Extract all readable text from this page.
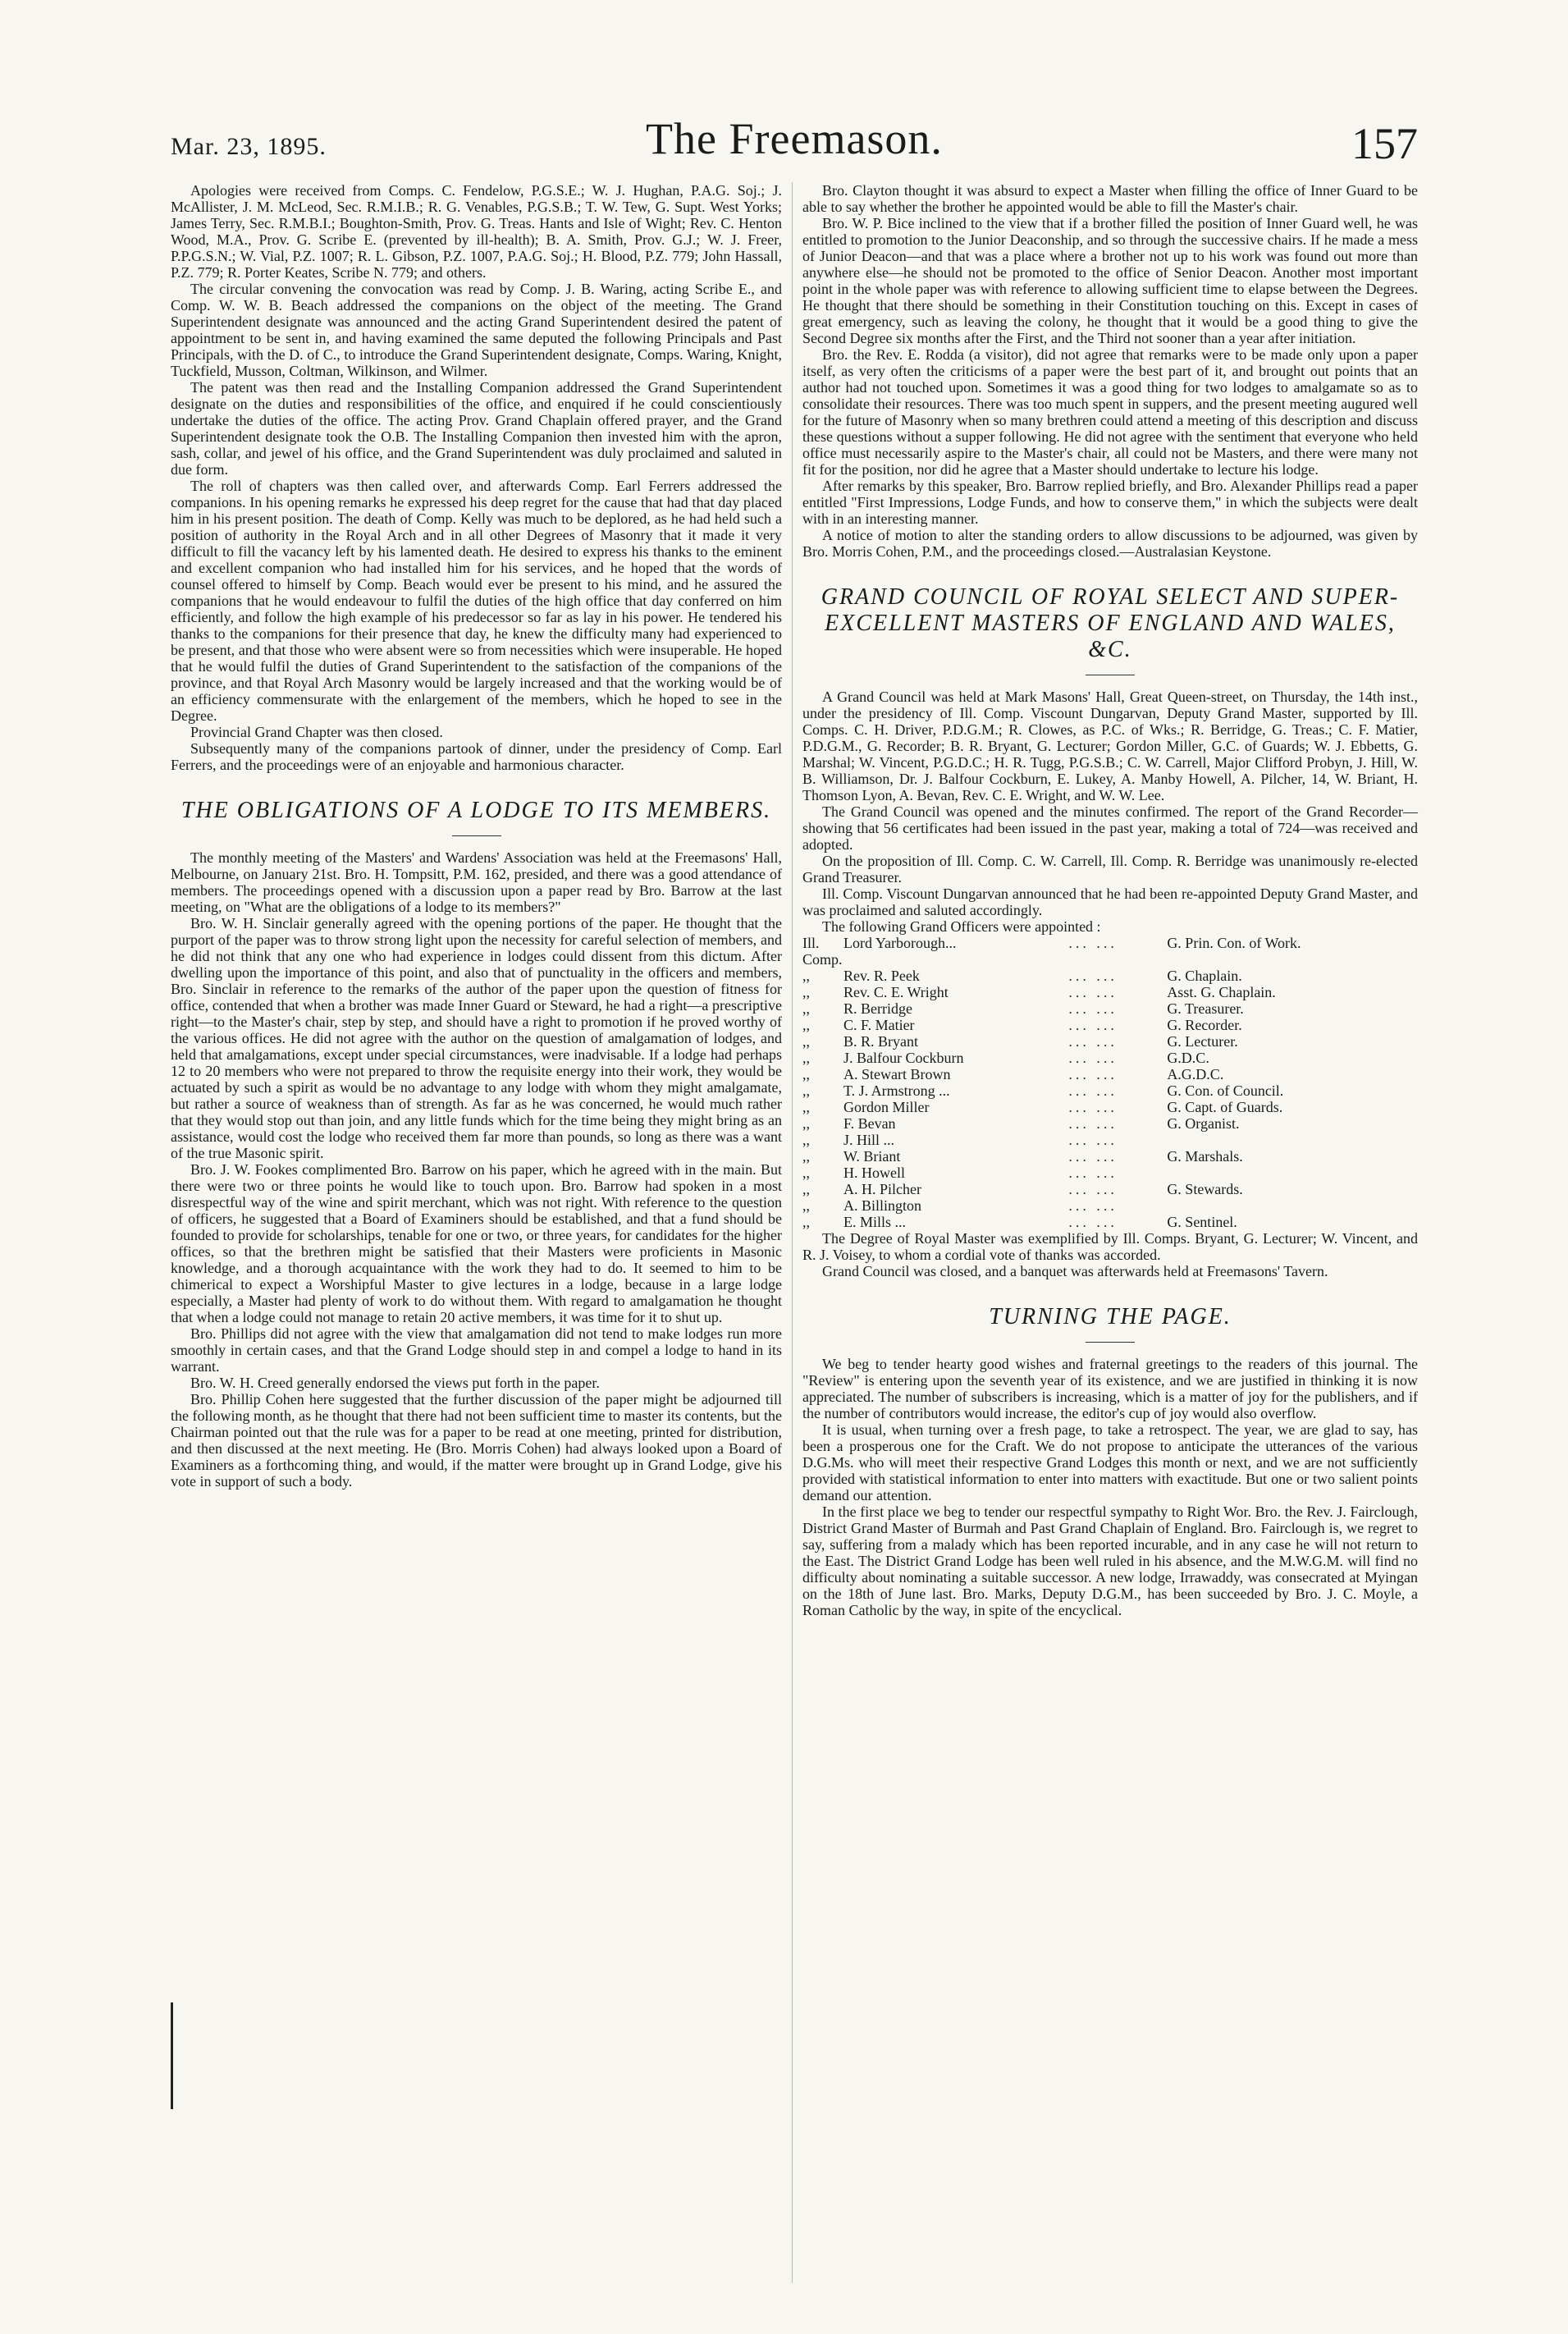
Mar. 23, 1895.	The Freemason.	157

Apologies were received from Comps. C. Fendelow, P.G.S.E.; W. J. Hughan, P.A.G. Soj.; J. McAllister, J. M. McLeod, Sec. R.M.I.B.; R. G. Venables, P.G.S.B.; T. W. Tew, G. Supt. West Yorks; James Terry, Sec. R.M.B.I.; Boughton-Smith, Prov. G. Treas. Hants and Isle of Wight; Rev. C. Henton Wood, M.A., Prov. G. Scribe E. (prevented by ill-health); B. A. Smith, Prov. G.J.; W. J. Freer, P.P.G.S.N.; W. Vial, P.Z. 1007; R. L. Gibson, P.Z. 1007, P.A.G. Soj.; H. Blood, P.Z. 779; John Hassall, P.Z. 779; R. Porter Keates, Scribe N. 779; and others.

The circular convening the convocation was read by Comp. J. B. Waring, acting Scribe E., and Comp. W. W. B. Beach addressed the companions on the object of the meeting. The Grand Superintendent designate was announced and the acting Grand Superintendent desired the patent of appointment to be sent in, and having examined the same deputed the following Principals and Past Principals, with the D. of C., to introduce the Grand Superintendent designate, Comps. Waring, Knight, Tuckfield, Musson, Coltman, Wilkinson, and Wilmer.

The patent was then read and the Installing Companion addressed the Grand Superintendent designate on the duties and responsibilities of the office, and enquired if he could conscientiously undertake the duties of the office. The acting Prov. Grand Chaplain offered prayer, and the Grand Superintendent designate took the O.B. The Installing Companion then invested him with the apron, sash, collar, and jewel of his office, and the Grand Superintendent was duly proclaimed and saluted in due form.

The roll of chapters was then called over, and afterwards Comp. Earl Ferrers addressed the companions. In his opening remarks he expressed his deep regret for the cause that had that day placed him in his present position. The death of Comp. Kelly was much to be deplored, as he had held such a position of authority in the Royal Arch and in all other Degrees of Masonry that it made it very difficult to fill the vacancy left by his lamented death. He desired to express his thanks to the eminent and excellent companion who had installed him for his services, and he hoped that the words of counsel offered to himself by Comp. Beach would ever be present to his mind, and he assured the companions that he would endeavour to fulfil the duties of the high office that day conferred on him efficiently, and follow the high example of his predecessor so far as lay in his power. He tendered his thanks to the companions for their presence that day, he knew the difficulty many had experienced to be present, and that those who were absent were so from necessities which were insuperable. He hoped that he would fulfil the duties of Grand Superintendent to the satisfaction of the companions of the province, and that Royal Arch Masonry would be largely increased and that the working would be of an efficiency commensurate with the enlargement of the members, which he hoped to see in the Degree.

Provincial Grand Chapter was then closed.

Subsequently many of the companions partook of dinner, under the presidency of Comp. Earl Ferrers, and the proceedings were of an enjoyable and harmonious character.

THE OBLIGATIONS OF A LODGE TO ITS MEMBERS.

The monthly meeting of the Masters' and Wardens' Association was held at the Freemasons' Hall, Melbourne, on January 21st. Bro. H. Tompsitt, P.M. 162, presided, and there was a good attendance of members. The proceedings opened with a discussion upon a paper read by Bro. Barrow at the last meeting, on "What are the obligations of a lodge to its members?"

Bro. W. H. Sinclair generally agreed with the opening portions of the paper. He thought that the purport of the paper was to throw strong light upon the necessity for careful selection of members, and he did not think that any one who had experience in lodges could dissent from this dictum. After dwelling upon the importance of this point, and also that of punctuality in the officers and members, Bro. Sinclair in reference to the remarks of the author of the paper upon the question of fitness for office, contended that when a brother was made Inner Guard or Steward, he had a right—a prescriptive right—to the Master's chair, step by step, and should have a right to promotion if he proved worthy of the various offices. He did not agree with the author on the question of amalgamation of lodges, and held that amalgamations, except under special circumstances, were inadvisable. If a lodge had perhaps 12 to 20 members who were not prepared to throw the requisite energy into their work, they would be actuated by such a spirit as would be no advantage to any lodge with whom they might amalgamate, but rather a source of weakness than of strength. As far as he was concerned, he would much rather that they would stop out than join, and any little funds which for the time being they might bring as an assistance, would cost the lodge who received them far more than pounds, so long as there was a want of the true Masonic spirit.

Bro. J. W. Fookes complimented Bro. Barrow on his paper, which he agreed with in the main. But there were two or three points he would like to touch upon. Bro. Barrow had spoken in a most disrespectful way of the wine and spirit merchant, which was not right. With reference to the question of officers, he suggested that a Board of Examiners should be established, and that a fund should be founded to provide for scholarships, tenable for one or two, or three years, for candidates for the higher offices, so that the brethren might be satisfied that their Masters were proficients in Masonic knowledge, and a thorough acquaintance with the work they had to do. It seemed to him to be chimerical to expect a Worshipful Master to give lectures in a lodge, because in a large lodge especially, a Master had plenty of work to do without them. With regard to amalgamation he thought that when a lodge could not manage to retain 20 active members, it was time for it to shut up.

Bro. Phillips did not agree with the view that amalgamation did not tend to make lodges run more smoothly in certain cases, and that the Grand Lodge should step in and compel a lodge to hand in its warrant.

Bro. W. H. Creed generally endorsed the views put forth in the paper.

Bro. Phillip Cohen here suggested that the further discussion of the paper might be adjourned till the following month, as he thought that there had not been sufficient time to master its contents, but the Chairman pointed out that the rule was for a paper to be read at one meeting, printed for distribution, and then discussed at the next meeting. He (Bro. Morris Cohen) had always looked upon a Board of Examiners as a forthcoming thing, and would, if the matter were brought up in Grand Lodge, give his vote in support of such a body.

Bro. Clayton thought it was absurd to expect a Master when filling the office of Inner Guard to be able to say whether the brother he appointed would be able to fill the Master's chair.

Bro. W. P. Bice inclined to the view that if a brother filled the position of Inner Guard well, he was entitled to promotion to the Junior Deaconship, and so through the successive chairs. If he made a mess of Junior Deacon—and that was a place where a brother not up to his work was found out more than anywhere else—he should not be promoted to the office of Senior Deacon. Another most important point in the whole paper was with reference to allowing sufficient time to elapse between the Degrees. He thought that there should be something in their Constitution touching on this. Except in cases of great emergency, such as leaving the colony, he thought that it would be a good thing to give the Second Degree six months after the First, and the Third not sooner than a year after initiation.

Bro. the Rev. E. Rodda (a visitor), did not agree that remarks were to be made only upon a paper itself, as very often the criticisms of a paper were the best part of it, and brought out points that an author had not touched upon. Sometimes it was a good thing for two lodges to amalgamate so as to consolidate their resources. There was too much spent in suppers, and the present meeting augured well for the future of Masonry when so many brethren could attend a meeting of this description and discuss these questions without a supper following. He did not agree with the sentiment that everyone who held office must necessarily aspire to the Master's chair, all could not be Masters, and there were many not fit for the position, nor did he agree that a Master should undertake to lecture his lodge.

After remarks by this speaker, Bro. Barrow replied briefly, and Bro. Alexander Phillips read a paper entitled "First Impressions, Lodge Funds, and how to conserve them," in which the subjects were dealt with in an interesting manner.

A notice of motion to alter the standing orders to allow discussions to be adjourned, was given by Bro. Morris Cohen, P.M., and the proceedings closed.—Australasian Keystone.

GRAND COUNCIL OF ROYAL SELECT AND SUPER-EXCELLENT MASTERS OF ENGLAND AND WALES, &C.

A Grand Council was held at Mark Masons' Hall, Great Queen-street, on Thursday, the 14th inst., under the presidency of Ill. Comp. Viscount Dungarvan, Deputy Grand Master, supported by Ill. Comps. C. H. Driver, P.D.G.M.; R. Clowes, as P.C. of Wks.; R. Berridge, G. Treas.; C. F. Matier, P.D.G.M., G. Recorder; B. R. Bryant, G. Lecturer; Gordon Miller, G.C. of Guards; W. J. Ebbetts, G. Marshal; W. Vincent, P.G.D.C.; H. R. Tugg, P.G.S.B.; C. W. Carrell, Major Clifford Probyn, J. Hill, W. B. Williamson, Dr. J. Balfour Cockburn, E. Lukey, A. Manby Howell, A. Pilcher, 14, W. Briant, H. Thomson Lyon, A. Bevan, Rev. C. E. Wright, and W. W. Lee.

The Grand Council was opened and the minutes confirmed. The report of the Grand Recorder—showing that 56 certificates had been issued in the past year, making a total of 724—was received and adopted.

On the proposition of Ill. Comp. C. W. Carrell, Ill. Comp. R. Berridge was unanimously re-elected Grand Treasurer.

Ill. Comp. Viscount Dungarvan announced that he had been re-appointed Deputy Grand Master, and was proclaimed and saluted accordingly.

The following Grand Officers were appointed :

Ill. Comp.	Lord Yarborough...	... ...	G. Prin. Con. of Work.
,,	Rev. R. Peek	... ...	G. Chaplain.
,,	Rev. C. E. Wright	... ...	Asst. G. Chaplain.
,,	R. Berridge	... ...	G. Treasurer.
,,	C. F. Matier	... ...	G. Recorder.
,,	B. R. Bryant	... ...	G. Lecturer.
,,	J. Balfour Cockburn	... ...	G.D.C.
,,	A. Stewart Brown	... ...	A.G.D.C.
,,	T. J. Armstrong ...	... ...	G. Con. of Council.
,,	Gordon Miller	... ...	G. Capt. of Guards.
,,	F. Bevan	... ...	G. Organist.
,,	J. Hill ...	... ...	
,,	W. Briant	... ...	G. Marshals.
,,	H. Howell	... ...	
,,	A. H. Pilcher	... ...	G. Stewards.
,,	A. Billington	... ...	
,,	E. Mills ...	... ...	G. Sentinel.

The Degree of Royal Master was exemplified by Ill. Comps. Bryant, G. Lecturer; W. Vincent, and R. J. Voisey, to whom a cordial vote of thanks was accorded.

Grand Council was closed, and a banquet was afterwards held at Freemasons' Tavern.

TURNING THE PAGE.

We beg to tender hearty good wishes and fraternal greetings to the readers of this journal. The "Review" is entering upon the seventh year of its existence, and we are justified in thinking it is now appreciated. The number of subscribers is increasing, which is a matter of joy for the publishers, and if the number of contributors would increase, the editor's cup of joy would also overflow.

It is usual, when turning over a fresh page, to take a retrospect. The year, we are glad to say, has been a prosperous one for the Craft. We do not propose to anticipate the utterances of the various D.G.Ms. who will meet their respective Grand Lodges this month or next, and we are not sufficiently provided with statistical information to enter into matters with exactitude. But one or two salient points demand our attention.

In the first place we beg to tender our respectful sympathy to Right Wor. Bro. the Rev. J. Fairclough, District Grand Master of Burmah and Past Grand Chaplain of England. Bro. Fairclough is, we regret to say, suffering from a malady which has been reported incurable, and in any case he will not return to the East. The District Grand Lodge has been well ruled in his absence, and the M.W.G.M. will find no difficulty about nominating a suitable successor. A new lodge, Irrawaddy, was consecrated at Myingan on the 18th of June last. Bro. Marks, Deputy D.G.M., has been succeeded by Bro. J. C. Moyle, a Roman Catholic by the way, in spite of the encyclical.
